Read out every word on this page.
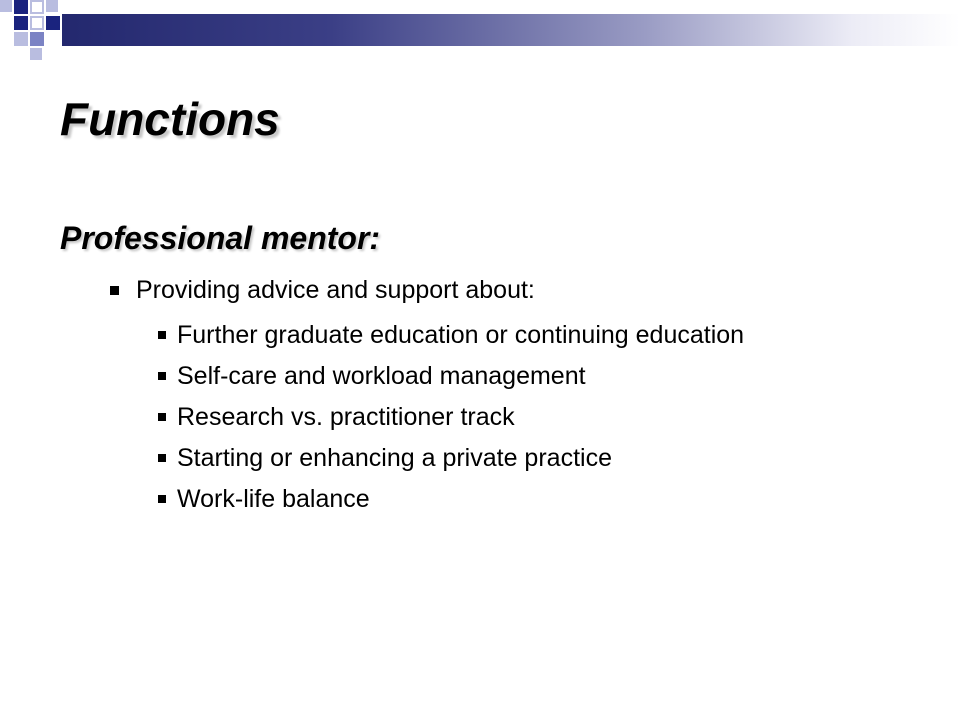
Functions
Professional mentor:
Providing advice and support about:
Further graduate education or continuing education
Self-care and workload management
Research vs. practitioner track
Starting or enhancing a private practice
Work-life balance
